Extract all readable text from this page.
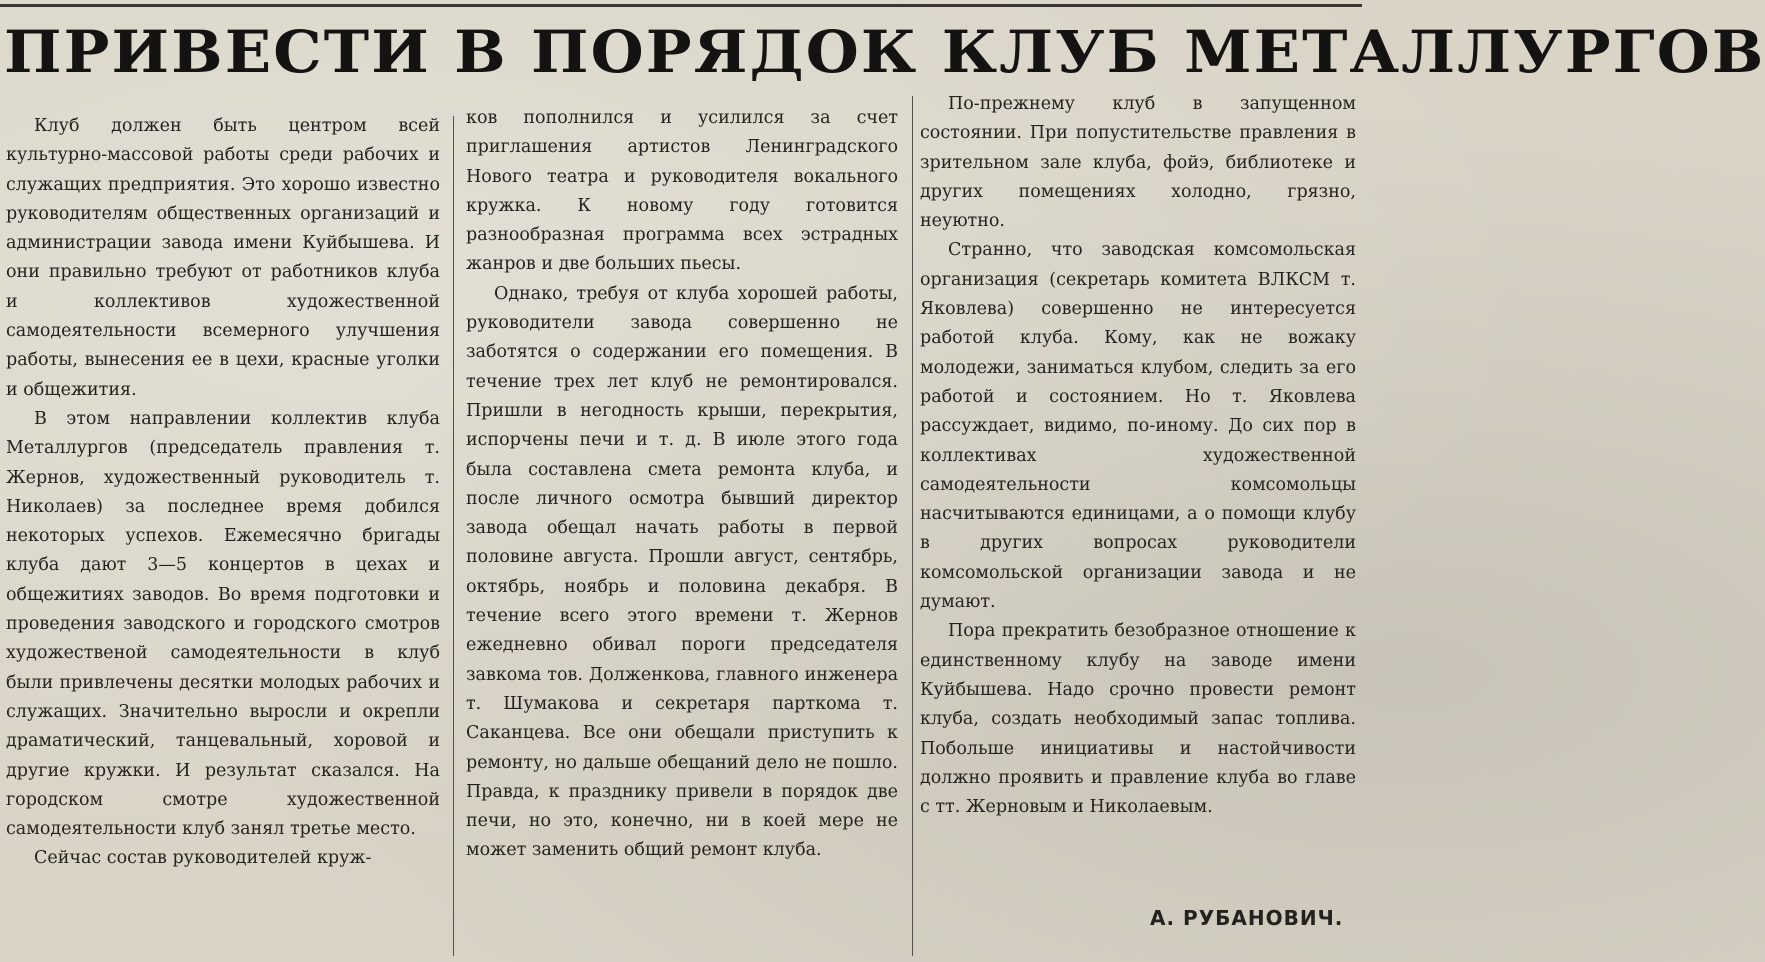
ПРИВЕСТИ В ПОРЯДОК КЛУБ МЕТАЛЛУРГОВ

Клуб должен быть центром всей культурно-массовой работы среди рабочих и служащих предприятия. Это хорошо известно руководителям общественных организаций и администрации завода имени Куйбышева. И они правильно требуют от работников клуба и коллективов художественной самодеятельности всемерного улучшения работы, вынесения ее в цехи, красные уголки и общежития.

В этом направлении коллектив клуба Металлургов (председатель правления т. Жернов, художественный руководитель т. Николаев) за последнее время добился некоторых успехов. Ежемесячно бригады клуба дают 3—5 концертов в цехах и общежитиях заводов. Во время подготовки и проведения заводского и городского смотров художественой самодеятельности в клуб были привлечены десятки молодых рабочих и служащих. Значительно выросли и окрепли драматический, танцевальный, хоровой и другие кружки. И результат сказался. На городском смотре художественной самодеятельности клуб занял третье место.

Сейчас состав руководителей круж-

ков пополнился и усилился за счет приглашения артистов Ленинградского Нового театра и руководителя вокального кружка. К новому году готовится разнообразная программа всех эстрадных жанров и две большиx пьесы.

Однако, требуя от клуба хорошей работы, руководители завода совершенно не заботятся о содержании его помещения. В течение трех лет клуб не ремонтировался. Пришли в негодность крыши, перекрытия, испорчены печи и т. д. В июле этого года была составлена смета ремонта клуба, и после личного осмотра бывший директор завода обещал начать работы в первой половине августа. Прошли август, сентябрь, октябрь, ноябрь и половина декабря. В течение всего этого времени т. Жернов ежедневно обивал пороги председателя завкома тов. Долженкова, главного инженера т. Шумакова и секретаря парткома т. Саканцева. Все они обещали приступить к ремонту, но дальше обещаний дело не пошло. Правда, к празднику привели в порядок две печи, но это, конечно, ни в коей мере не может заменить общий ремонт клуба.

По-прежнему клуб в запущенном состоянии. При попустительстве правления в зрительном зале клуба, фойэ, библиотеке и других помещениях холодно, грязно, неуютно.

Странно, что заводская комсомольская организация (секретарь комитета ВЛКСМ т. Яковлева) совершенно не интересуется работой клуба. Кому, как не вожаку молодежи, заниматься клубом, следить за его работой и состоянием. Но т. Яковлева рассуждает, видимо, по-иному. До сих пор в коллективах художественной самодеятельности комсомольцы насчитываются единицами, а о помощи клубу в других вопросах руководители комсомольской организации завода и не думают.

Пора прекратить безобразное отношение к единственному клубу на заводе имени Куйбышева. Надо срочно провести ремонт клуба, создать необходимый запас топлива. Побольше инициативы и настойчивости должно проявить и правление клуба во главе с тт. Жерновым и Николаевым.

А. РУБАНОВИЧ.
